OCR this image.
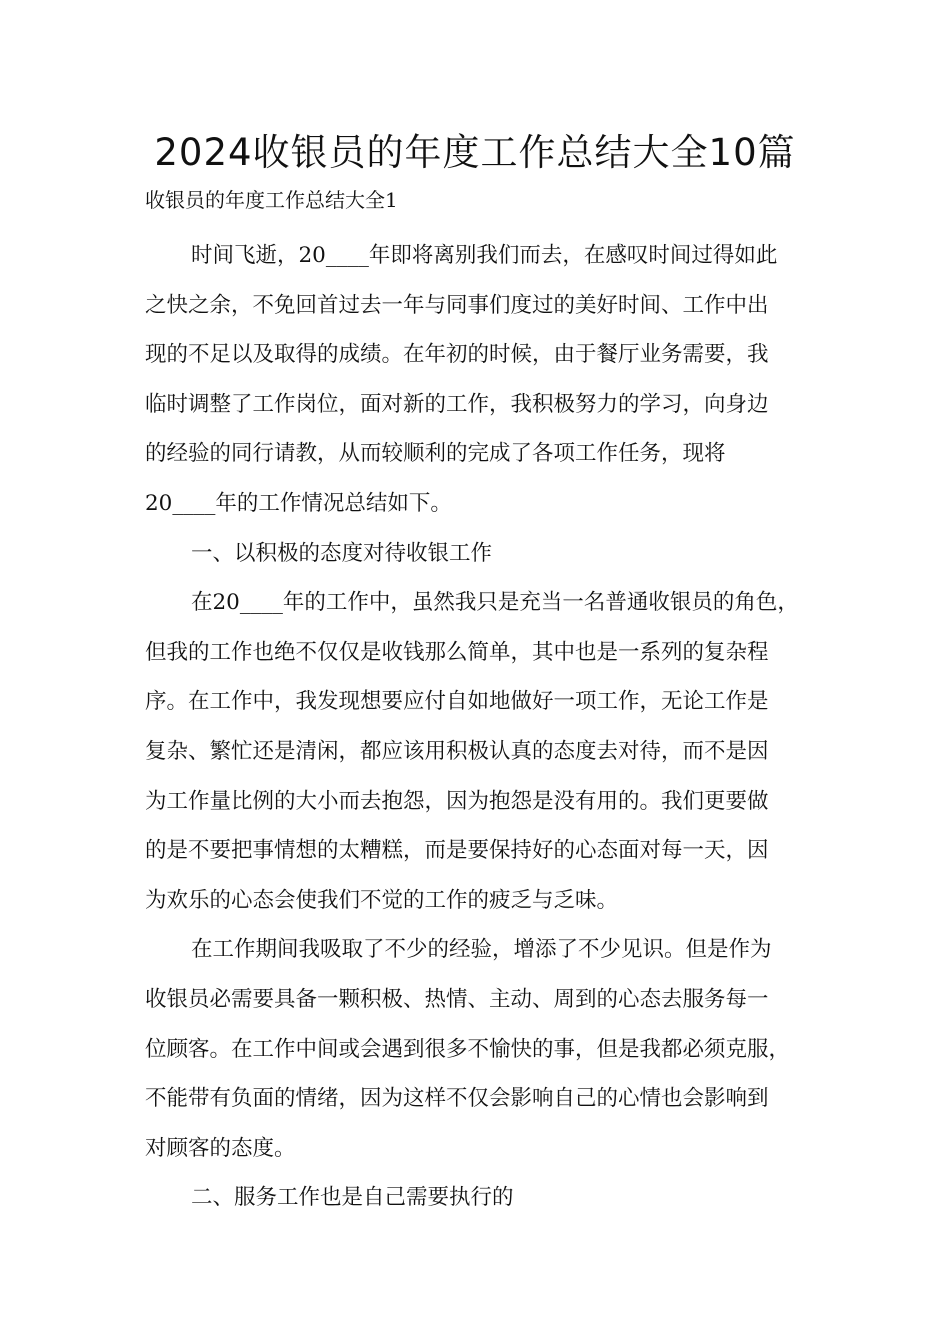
2024收银员的年度工作总结大全10篇

收银员的年度工作总结大全1

时间飞逝，20____年即将离别我们而去，在感叹时间过得如此
之快之余，不免回首过去一年与同事们度过的美好时间、工作中出
现的不足以及取得的成绩。在年初的时候，由于餐厅业务需要，我
临时调整了工作岗位，面对新的工作，我积极努力的学习，向身边
的经验的同行请教，从而较顺利的完成了各项工作任务，现将
20____年的工作情况总结如下。
一、以积极的态度对待收银工作
在20____年的工作中，虽然我只是充当一名普通收银员的角色，
但我的工作也绝不仅仅是收钱那么简单，其中也是一系列的复杂程
序。在工作中，我发现想要应付自如地做好一项工作，无论工作是
复杂、繁忙还是清闲，都应该用积极认真的态度去对待，而不是因
为工作量比例的大小而去抱怨，因为抱怨是没有用的。我们更要做
的是不要把事情想的太糟糕，而是要保持好的心态面对每一天，因
为欢乐的心态会使我们不觉的工作的疲乏与乏味。
在工作期间我吸取了不少的经验，增添了不少见识。但是作为
收银员必需要具备一颗积极、热情、主动、周到的心态去服务每一
位顾客。在工作中间或会遇到很多不愉快的事，但是我都必须克服，
不能带有负面的情绪，因为这样不仅会影响自己的心情也会影响到
对顾客的态度。
二、服务工作也是自己需要执行的
